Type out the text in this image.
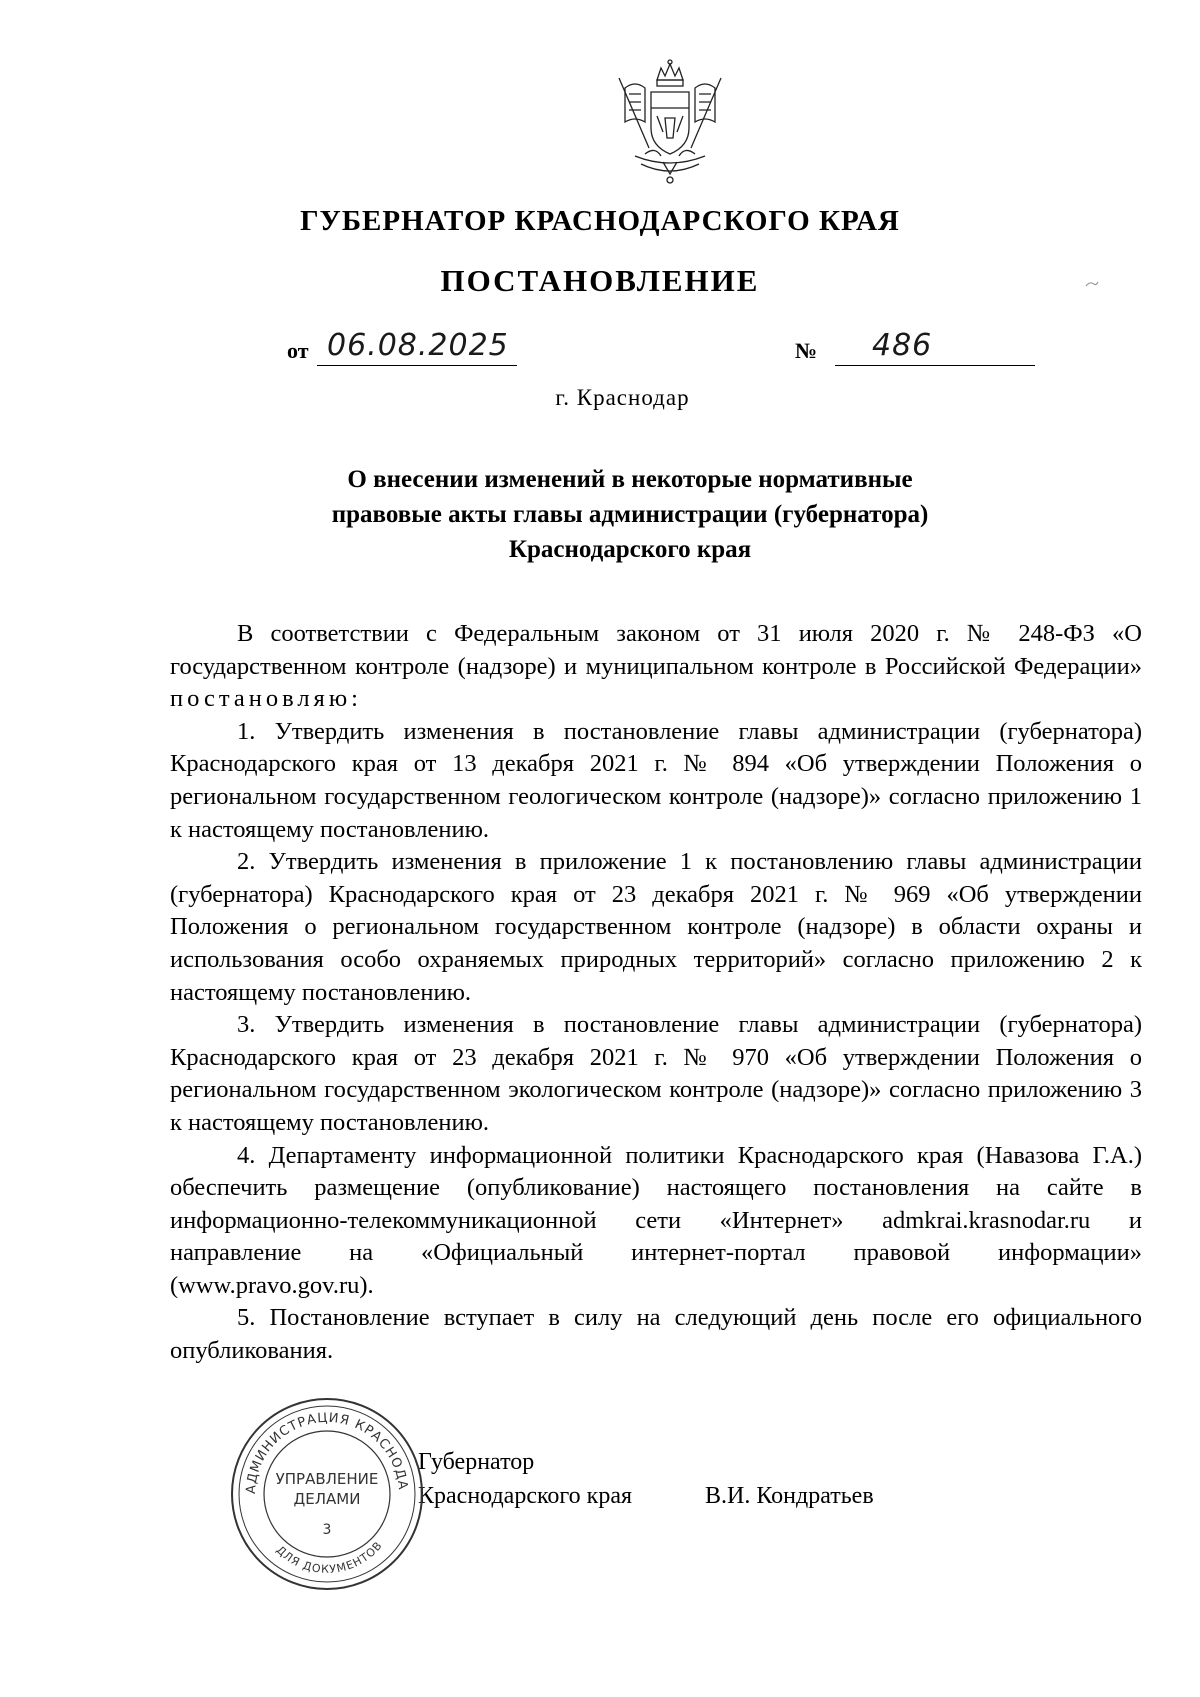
ГУБЕРНАТОР КРАСНОДАРСКОГО КРАЯ
ПОСТАНОВЛЕНИЕ
от 06.08.2025	№ 486
г. Краснодар
О внесении изменений в некоторые нормативные
правовые акты главы администрации (губернатора)
Краснодарского края

В соответствии с Федеральным законом от 31 июля 2020 г. № 248-ФЗ «О государственном контроле (надзоре) и муниципальном контроле в Российской Федерации» постановляю:

1. Утвердить изменения в постановление главы администрации (губернатора) Краснодарского края от 13 декабря 2021 г. № 894 «Об утверждении Положения о региональном государственном геологическом контроле (надзоре)» согласно приложению 1 к настоящему постановлению.

2. Утвердить изменения в приложение 1 к постановлению главы администрации (губернатора) Краснодарского края от 23 декабря 2021 г. № 969 «Об утверждении Положения о региональном государственном контроле (надзоре) в области охраны и использования особо охраняемых природных территорий» согласно приложению 2 к настоящему постановлению.

3. Утвердить изменения в постановление главы администрации (губернатора) Краснодарского края от 23 декабря 2021 г. № 970 «Об утверждении Положения о региональном государственном экологическом контроле (надзоре)» согласно приложению 3 к настоящему постановлению.

4. Департаменту информационной политики Краснодарского края (Навазова Г.А.) обеспечить размещение (опубликование) настоящего постановления на сайте в информационно-телекоммуникационной сети «Интернет» admkrai.krasnodar.ru и направление на «Официальный интернет-портал правовой информации» (www.pravo.gov.ru).

5. Постановление вступает в силу на следующий день после его официального опубликования.

Губернатор
Краснодарского края	В.И. Кондратьев
АДМИНИСТРАЦИЯ КРАСНОДА
ДЛЯ ДОКУМЕНТОВ
УПРАВЛЕНИЕ
ДЕЛАМИ
3
